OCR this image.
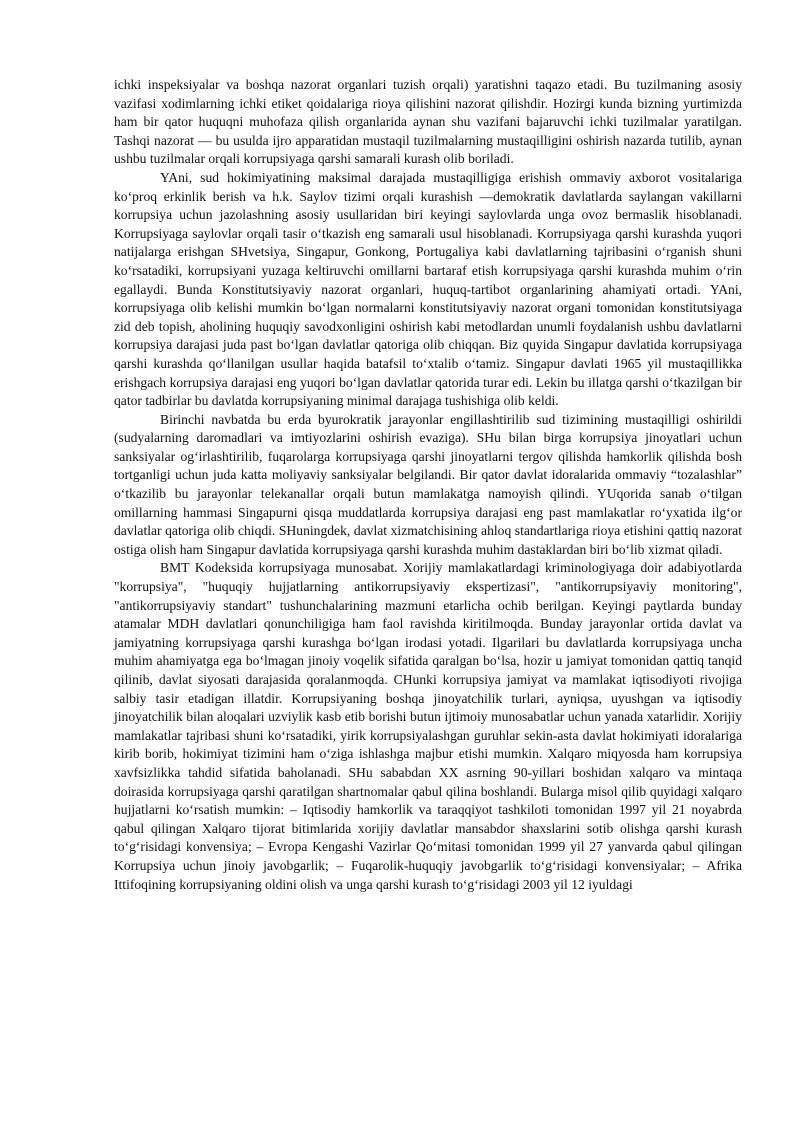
ichki inspeksiyalar va boshqa nazorat organlari tuzish orqali) yaratishni taqazo etadi. Bu tuzilmaning asosiy vazifasi xodimlarning ichki etiket qoidalariga rioya qilishini nazorat qilishdir. Hozirgi kunda bizning yurtimizda ham bir qator huquqni muhofaza qilish organlarida aynan shu vazifani bajaruvchi ichki tuzilmalar yaratilgan. Tashqi nazorat — bu usulda ijro apparatidan mustaqil tuzilmalarning mustaqilligini oshirish nazarda tutilib, aynan ushbu tuzilmalar orqali korrupsiyaga qarshi samarali kurash olib boriladi.

YAni, sud hokimiyatining maksimal darajada mustaqilligiga erishish ommaviy axborot vositalariga ko‘proq erkinlik berish va h.k. Saylov tizimi orqali kurashish —demokratik davlatlarda saylangan vakillarni korrupsiya uchun jazolashning asosiy usullaridan biri keyingi saylovlarda unga ovoz bermaslik hisoblanadi. Korrupsiyaga saylovlar orqali tasir o‘tkazish eng samarali usul hisoblanadi. Korrupsiyaga qarshi kurashda yuqori natijalarga erishgan SHvetsiya, Singapur, Gonkong, Portugaliya kabi davlatlarning tajribasini o‘rganish shuni ko‘rsatadiki, korrupsiyani yuzaga keltiruvchi omillarni bartaraf etish korrupsiyaga qarshi kurashda muhim o‘rin egallaydi. Bunda Konstitutsiyaviy nazorat organlari, huquq-tartibot organlarining ahamiyati ortadi. YAni, korrupsiyaga olib kelishi mumkin bo‘lgan normalarni konstitutsiyaviy nazorat organi tomonidan konstitutsiyaga zid deb topish, aholining huquqiy savodxonligini oshirish kabi metodlardan unumli foydalanish ushbu davlatlarni korrupsiya darajasi juda past bo‘lgan davlatlar qatoriga olib chiqqan. Biz quyida Singapur davlatida korrupsiyaga qarshi kurashda qo‘llanilgan usullar haqida batafsil to‘xtalib o‘tamiz. Singapur davlati 1965 yil mustaqillikka erishgach korrupsiya darajasi eng yuqori bo‘lgan davlatlar qatorida turar edi. Lekin bu illatga qarshi o‘tkazilgan bir qator tadbirlar bu davlatda korrupsiyaning minimal darajaga tushishiga olib keldi.

Birinchi navbatda bu erda byurokratik jarayonlar engillashtirilib sud tizimining mustaqilligi oshirildi (sudyalarning daromadlari va imtiyozlarini oshirish evaziga). SHu bilan birga korrupsiya jinoyatlari uchun sanksiyalar og‘irlashtirilib, fuqarolarga korrupsiyaga qarshi jinoyatlarni tergov qilishda hamkorlik qilishda bosh tortganligi uchun juda katta moliyaviy sanksiyalar belgilandi. Bir qator davlat idoralarida ommaviy “tozalashlar” o‘tkazilib bu jarayonlar telekanallar orqali butun mamlakatga namoyish qilindi. YUqorida sanab o‘tilgan omillarning hammasi Singapurni qisqa muddatlarda korrupsiya darajasi eng past mamlakatlar ro‘yxatida ilg‘or davlatlar qatoriga olib chiqdi. SHuningdek, davlat xizmatchisining ahloq standartlariga rioya etishini qattiq nazorat ostiga olish ham Singapur davlatida korrupsiyaga qarshi kurashda muhim dastaklardan biri bo‘lib xizmat qiladi.

BMT Kodeksida korrupsiyaga munosabat. Xorijiy mamlakatlardagi kriminologiyaga doir adabiyotlarda "korrupsiya", "huquqiy hujjatlarning antikorrupsiyaviy ekspertizasi", "antikorrupsiyaviy monitoring", "antikorrupsiyaviy standart" tushunchalarining mazmuni etarlicha ochib berilgan. Keyingi paytlarda bunday atamalar MDH davlatlari qonunchiligiga ham faol ravishda kiritilmoqda. Bunday jarayonlar ortida davlat va jamiyatning korrupsiyaga qarshi kurashga bo‘lgan irodasi yotadi. Ilgarilari bu davlatlarda korrupsiyaga uncha muhim ahamiyatga ega bo‘lmagan jinoiy voqelik sifatida qaralgan bo‘lsa, hozir u jamiyat tomonidan qattiq tanqid qilinib, davlat siyosati darajasida qoralanmoqda. CHunki korrupsiya jamiyat va mamlakat iqtisodiyoti rivojiga salbiy tasir etadigan illatdir. Korrupsiyaning boshqa jinoyatchilik turlari, ayniqsa, uyushgan va iqtisodiy jinoyatchilik bilan aloqalari uzviylik kasb etib borishi butun ijtimoiy munosabatlar uchun yanada xatarlidir. Xorijiy mamlakatlar tajribasi shuni ko‘rsatadiki, yirik korrupsiyalashgan guruhlar sekin-asta davlat hokimiyati idoralariga kirib borib, hokimiyat tizimini ham o‘ziga ishlashga majbur etishi mumkin. Xalqaro miqyosda ham korrupsiya xavfsizlikka tahdid sifatida baholanadi. SHu sababdan XX asrning 90-yillari boshidan xalqaro va mintaqa doirasida korrupsiyaga qarshi qaratilgan shartnomalar qabul qilina boshlandi. Bularga misol qilib quyidagi xalqaro hujjatlarni ko‘rsatish mumkin: – Iqtisodiy hamkorlik va taraqqiyot tashkiloti tomonidan 1997 yil 21 noyabrda qabul qilingan Xalqaro tijorat bitimlarida xorijiy davlatlar mansabdor shaxslarini sotib olishga qarshi kurash to‘g‘risidagi konvensiya; – Evropa Kengashi Vazirlar Qo‘mitasi tomonidan 1999 yil 27 yanvarda qabul qilingan Korrupsiya uchun jinoiy javobgarlik; – Fuqarolik-huquqiy javobgarlik to‘g‘risidagi konvensiyalar; – Afrika Ittifoqining korrupsiyaning oldini olish va unga qarshi kurash to‘g‘risidagi 2003 yil 12 iyuldagi
